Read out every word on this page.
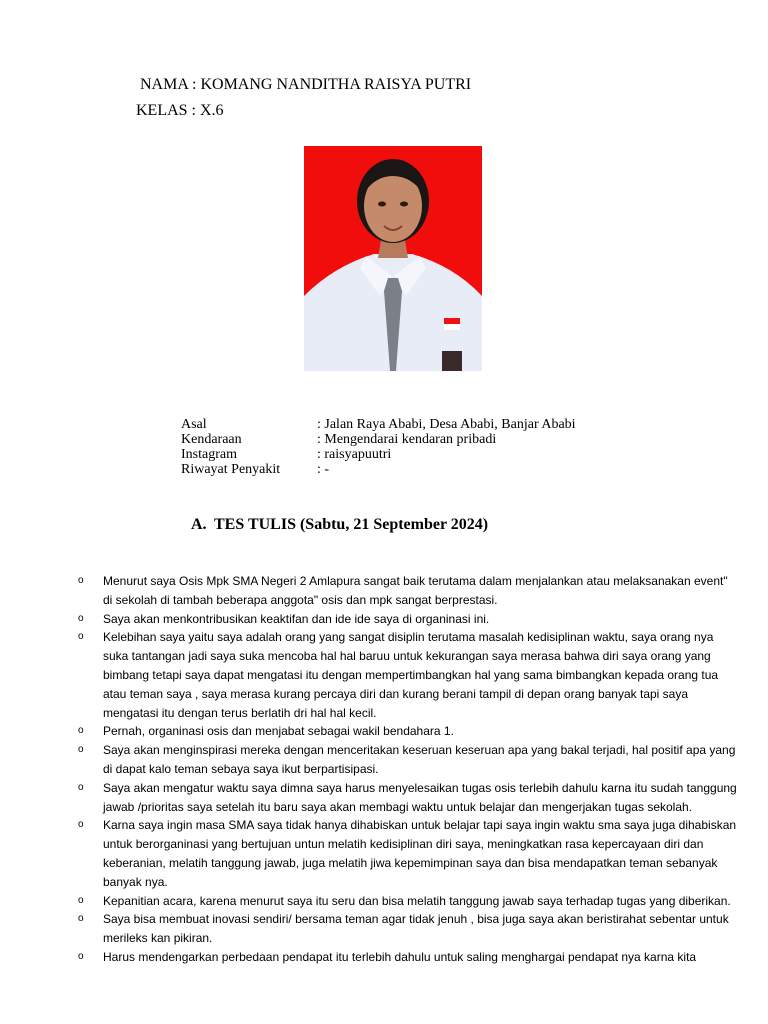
NAMA : KOMANG NANDITHA RAISYA PUTRI
KELAS : X.6
Asal	: Jalan Raya Ababi, Desa Ababi, Banjar Ababi
Kendaraan	: Mengendarai kendaran pribadi
Instagram	: raisyapuutri
Riwayat Penyakit	: -
A. TES TULIS (Sabtu, 21 September 2024)
o	Menurut saya Osis Mpk SMA Negeri 2 Amlapura sangat baik terutama dalam menjalankan atau melaksanakan event" di sekolah di tambah beberapa anggota" osis dan mpk sangat berprestasi.
o	Saya akan menkontribusikan keaktifan dan ide ide saya di organinasi ini.
o	Kelebihan saya yaitu saya adalah orang yang sangat disiplin terutama masalah kedisiplinan waktu, saya orang nya suka tantangan jadi saya suka mencoba hal hal baruu untuk kekurangan saya merasa bahwa diri saya orang yang bimbang tetapi saya dapat mengatasi itu dengan mempertimbangkan hal yang sama bimbangkan kepada orang tua atau teman saya , saya merasa kurang percaya diri dan kurang berani tampil di depan orang banyak tapi saya mengatasi itu dengan terus berlatih dri hal hal kecil.
o	Pernah, organinasi osis dan menjabat sebagai wakil bendahara 1.
o	Saya akan menginspirasi mereka dengan menceritakan keseruan keseruan apa yang bakal terjadi, hal positif apa yang di dapat kalo teman sebaya saya ikut berpartisipasi.
o	Saya akan mengatur waktu saya dimna saya harus menyelesaikan tugas osis terlebih dahulu karna itu sudah tanggung jawab /prioritas saya setelah itu baru saya akan membagi waktu untuk belajar dan mengerjakan tugas sekolah.
o	Karna saya ingin masa SMA saya tidak hanya dihabiskan untuk belajar tapi saya ingin waktu sma saya juga dihabiskan untuk berorganinasi yang bertujuan untun melatih kedisiplinan diri saya, meningkatkan rasa kepercayaan diri dan keberanian, melatih tanggung jawab, juga melatih jiwa kepemimpinan saya dan bisa mendapatkan teman sebanyak banyak nya.
o	Kepanitian acara, karena menurut saya itu seru dan bisa melatih tanggung jawab saya terhadap tugas yang diberikan.
o	Saya bisa membuat inovasi sendiri/ bersama teman agar tidak jenuh , bisa juga saya akan beristirahat sebentar untuk merileks kan pikiran.
o	Harus mendengarkan perbedaan pendapat itu terlebih dahulu untuk saling menghargai pendapat nya karna kita
